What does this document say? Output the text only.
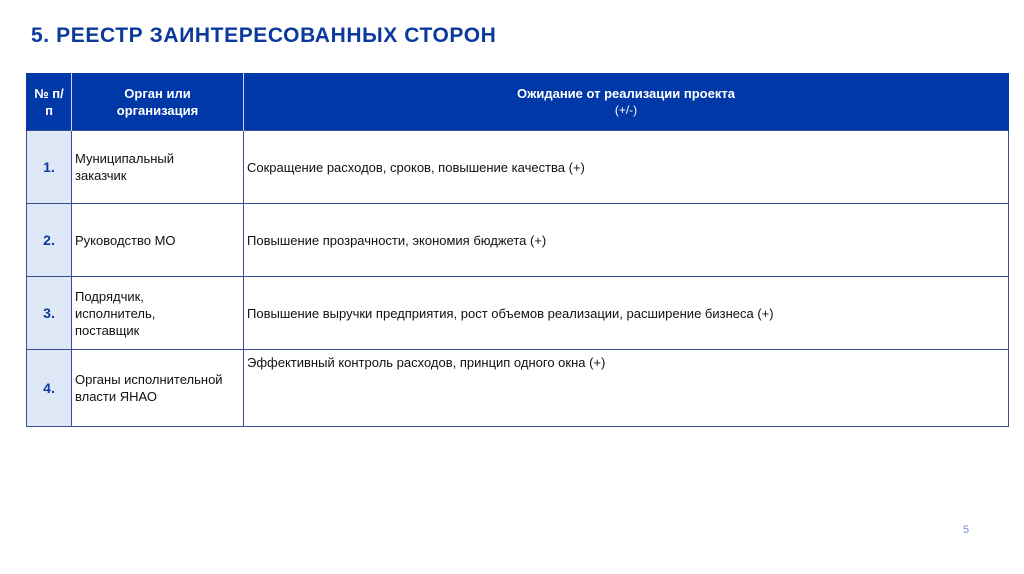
5. РЕЕСТР ЗАИНТЕРЕСОВАННЫХ СТОРОН
№ п/п	Орган или организация	Ожидание от реализации проекта
(+/-)

1.	Муниципальный заказчик	Сокращение расходов, сроков, повышение качества (+)
2.	Руководство МО	Повышение прозрачности, экономия бюджета (+)
3.	Подрядчик, исполнитель, поставщик	Повышение выручки предприятия, рост объемов реализации, расширение бизнеса (+)
4.	Органы исполнительной власти ЯНАО	Эффективный контроль расходов, принцип одного окна (+)
5
